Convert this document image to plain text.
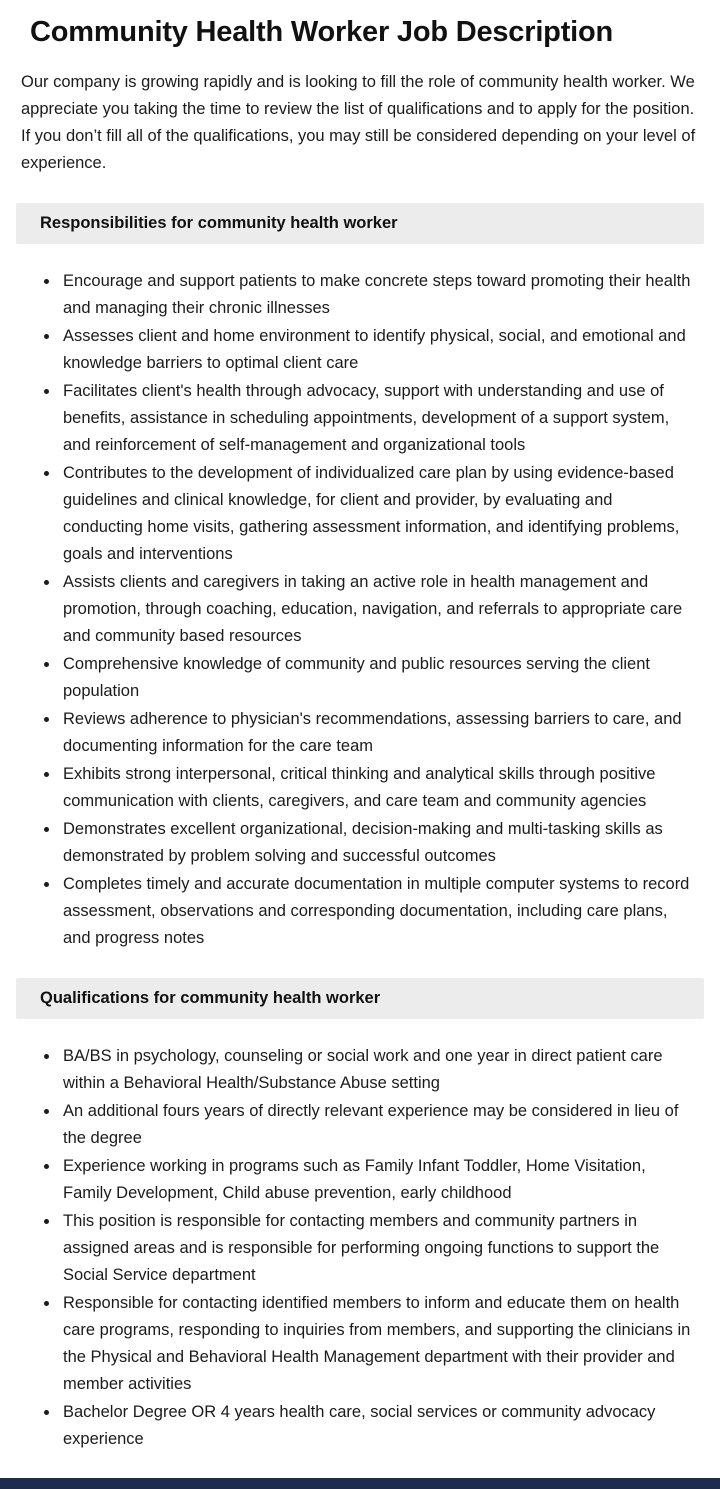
Community Health Worker Job Description

Our company is growing rapidly and is looking to fill the role of community health worker. We appreciate you taking the time to review the list of qualifications and to apply for the position. If you don’t fill all of the qualifications, you may still be considered depending on your level of experience.

Responsibilities for community health worker
• Encourage and support patients to make concrete steps toward promoting their health and managing their chronic illnesses
• Assesses client and home environment to identify physical, social, and emotional and knowledge barriers to optimal client care
• Facilitates client's health through advocacy, support with understanding and use of benefits, assistance in scheduling appointments, development of a support system, and reinforcement of self-management and organizational tools
• Contributes to the development of individualized care plan by using evidence-based guidelines and clinical knowledge, for client and provider, by evaluating and conducting home visits, gathering assessment information, and identifying problems, goals and interventions
• Assists clients and caregivers in taking an active role in health management and promotion, through coaching, education, navigation, and referrals to appropriate care and community based resources
• Comprehensive knowledge of community and public resources serving the client population
• Reviews adherence to physician's recommendations, assessing barriers to care, and documenting information for the care team
• Exhibits strong interpersonal, critical thinking and analytical skills through positive communication with clients, caregivers, and care team and community agencies
• Demonstrates excellent organizational, decision-making and multi-tasking skills as demonstrated by problem solving and successful outcomes
• Completes timely and accurate documentation in multiple computer systems to record assessment, observations and corresponding documentation, including care plans, and progress notes
Qualifications for community health worker
• BA/BS in psychology, counseling or social work and one year in direct patient care within a Behavioral Health/Substance Abuse setting
• An additional fours years of directly relevant experience may be considered in lieu of the degree
• Experience working in programs such as Family Infant Toddler, Home Visitation, Family Development, Child abuse prevention, early childhood
• This position is responsible for contacting members and community partners in assigned areas and is responsible for performing ongoing functions to support the Social Service department
• Responsible for contacting identified members to inform and educate them on health care programs, responding to inquiries from members, and supporting the clinicians in the Physical and Behavioral Health Management department with their provider and member activities
• Bachelor Degree OR 4 years health care, social services or community advocacy experience
